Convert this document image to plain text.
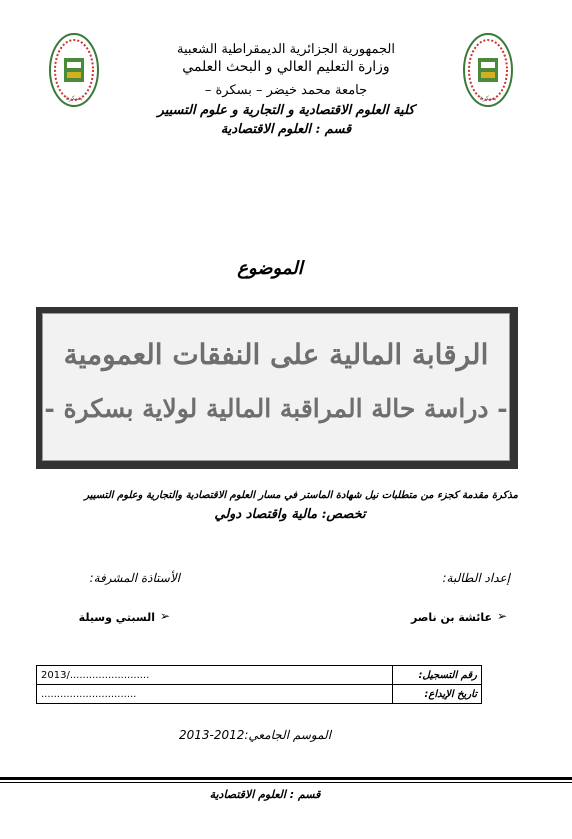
بسكرة	بسكرة
الجمهورية الجزائرية الديمقراطية الشعبية
وزارة التعليم العالي و البحث العلمي
جامعة محمد خيضر – بسكرة –
كلية العلوم الاقتصادية و التجارية و علوم التسيير
قسم : العلوم الاقتصادية
الموضوع
الرقابة المالية على النفقات العمومية
- دراسة حالة المراقبة المالية لولاية بسكرة -
مذكرة مقدمة كجزء من متطلبات نيل شهادة الماستر في مسار العلوم الاقتصادية والتجارية وعلوم التسيير
تخصص: مالية واقتصاد دولي
إعداد الطالبة:
الأستاذة المشرفة:
➢
عائشة بن ناصر
➢
السبتي وسيلة
رقم التسجيل:	2013/.........................
تاريخ الإيداع:	..............................
الموسم الجامعي:2012-2013
قسم : العلوم الاقتصادية
